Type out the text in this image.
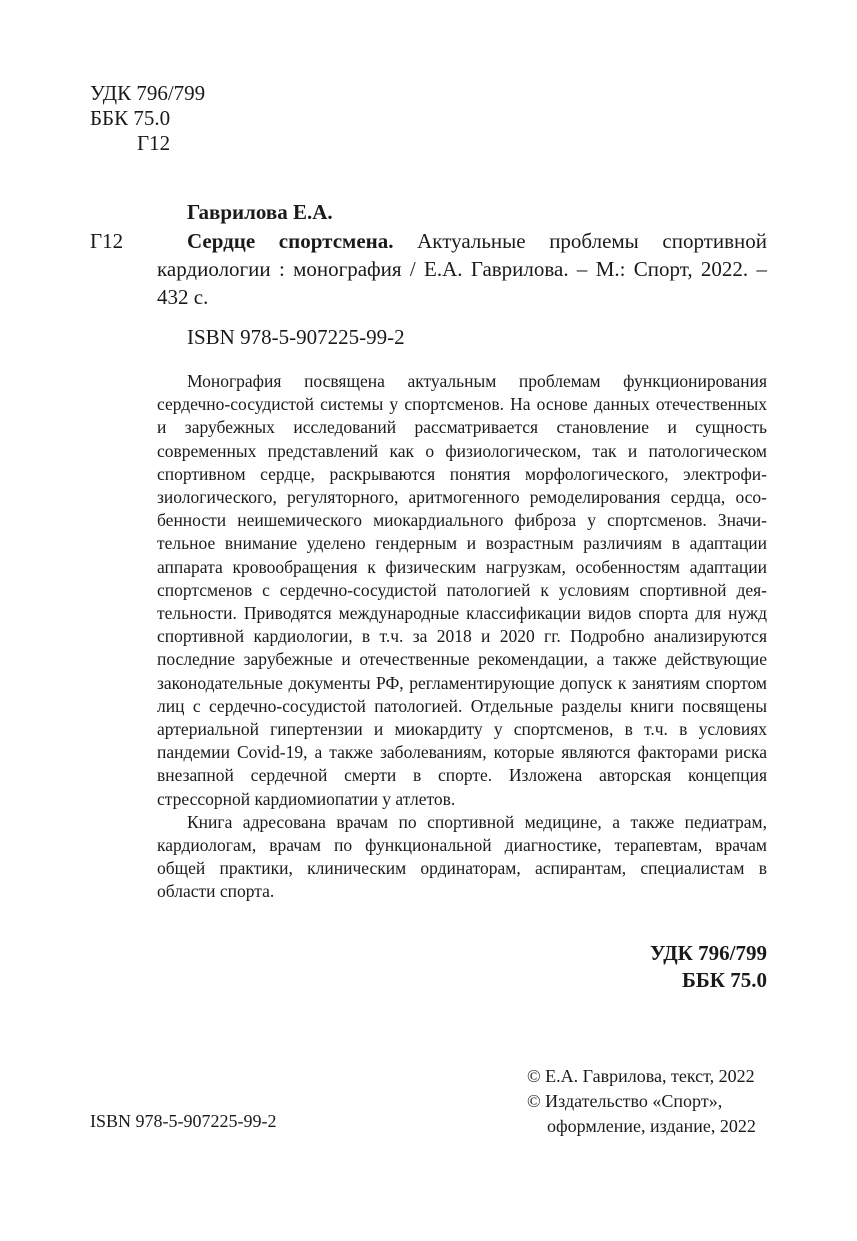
УДК 796/799
ББК 75.0
Г12
Гаврилова Е.А.
Г12	Сердце спортсмена. Актуальные проблемы спортивной кардиологии : монография / Е.А. Гаврилова. – М.: Спорт, 2022. – 432 с.
ISBN 978-5-907225-99-2

Монография посвящена актуальным проблемам функционирования сердечно-сосудистой системы у спортсменов. На основе данных отечественных и зарубежных исследований рассматривается становление и сущность современных представлений как о физиологическом, так и патологическом спортивном сердце, раскрываются понятия морфологического, электрофизиологического, регуляторного, аритмогенного ремоделирования сердца, особенности неишемического миокардиального фиброза у спортсменов. Значительное внимание уделено гендерным и возрастным различиям в адаптации аппарата кровообращения к физическим нагрузкам, особенностям адаптации спортсменов с сердечно-сосудистой патологией к условиям спортивной деятельности. Приводятся международные классификации видов спорта для нужд спортивной кардиологии, в т.ч. за 2018 и 2020 гг. Подробно анализируются последние зарубежные и отечественные рекомендации, а также действующие законодательные документы РФ, регламентирующие допуск к занятиям спортом лиц с сердечно-сосудистой патологией. Отдельные разделы книги посвящены артериальной гипертензии и миокардиту у спортсменов, в т.ч. в условиях пандемии Covid-19, а также заболеваниям, которые являются факторами риска внезапной сердечной смерти в спорте. Изложена авторская концепция стрессорной кардиомиопатии у атлетов.

Книга адресована врачам по спортивной медицине, а также педиатрам, кардиологам, врачам по функциональной диагностике, терапевтам, врачам общей практики, клиническим ординаторам, аспирантам, специалистам в области спорта.

УДК 796/799
ББК 75.0
© Е.А. Гаврилова, текст, 2022
© Издательство «Спорт»,
оформление, издание, 2022
ISBN 978-5-907225-99-2
